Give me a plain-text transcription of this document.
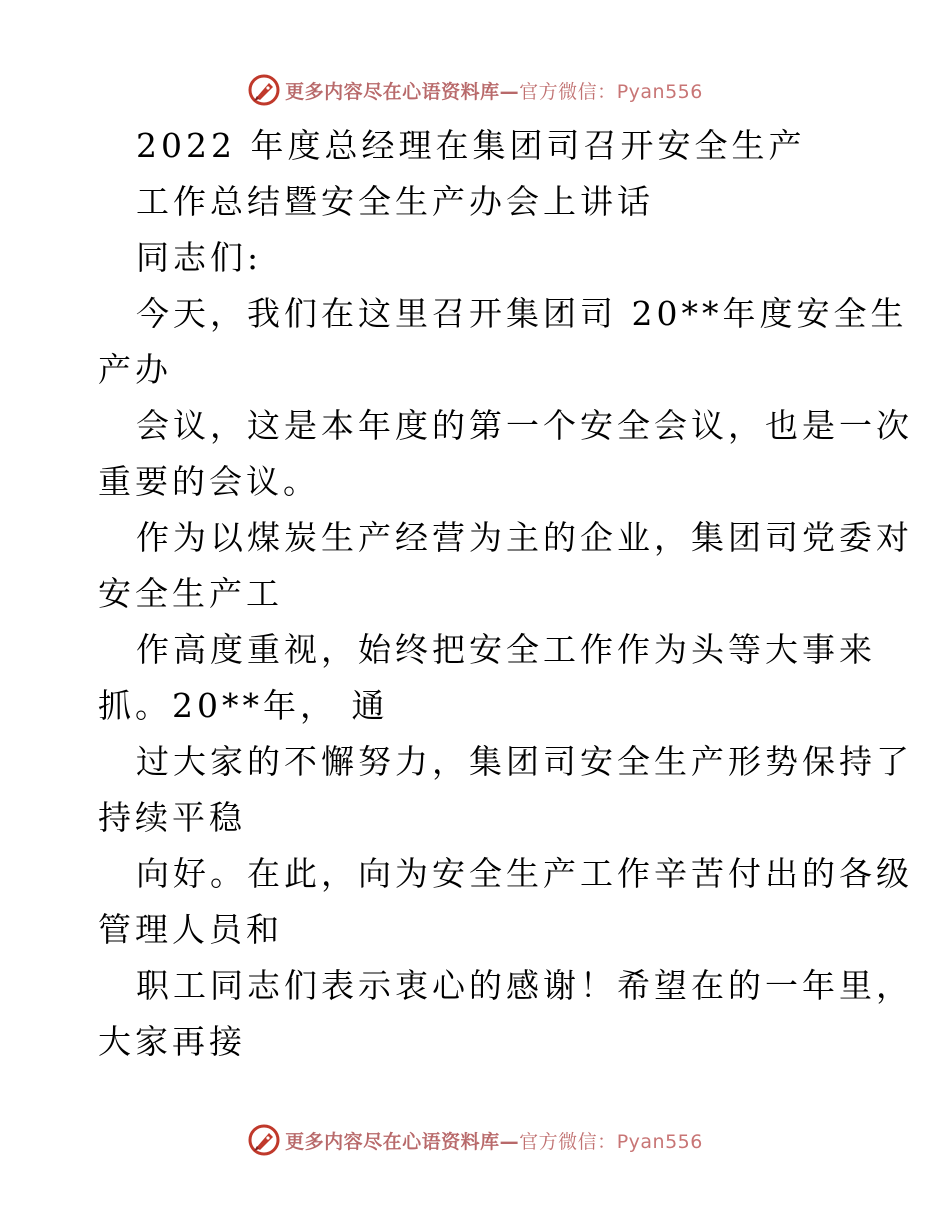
更多内容尽在心语资料库—官方微信：Pyan556
2022 年度总经理在集团司召开安全生产
工作总结暨安全生产办会上讲话
同志们:
今天，我们在这里召开集团司 20**年度安全生
产办
会议，这是本年度的第一个安全会议，也是一次
重要的会议。
作为以煤炭生产经营为主的企业，集团司党委对
安全生产工
作高度重视，始终把安全工作作为头等大事来
抓。20**年， 通
过大家的不懈努力，集团司安全生产形势保持了
持续平稳
向好。在此，向为安全生产工作辛苦付出的各级
管理人员和
职工同志们表示衷心的感谢！希望在的一年里，
大家再接
更多内容尽在心语资料库—官方微信：Pyan556
